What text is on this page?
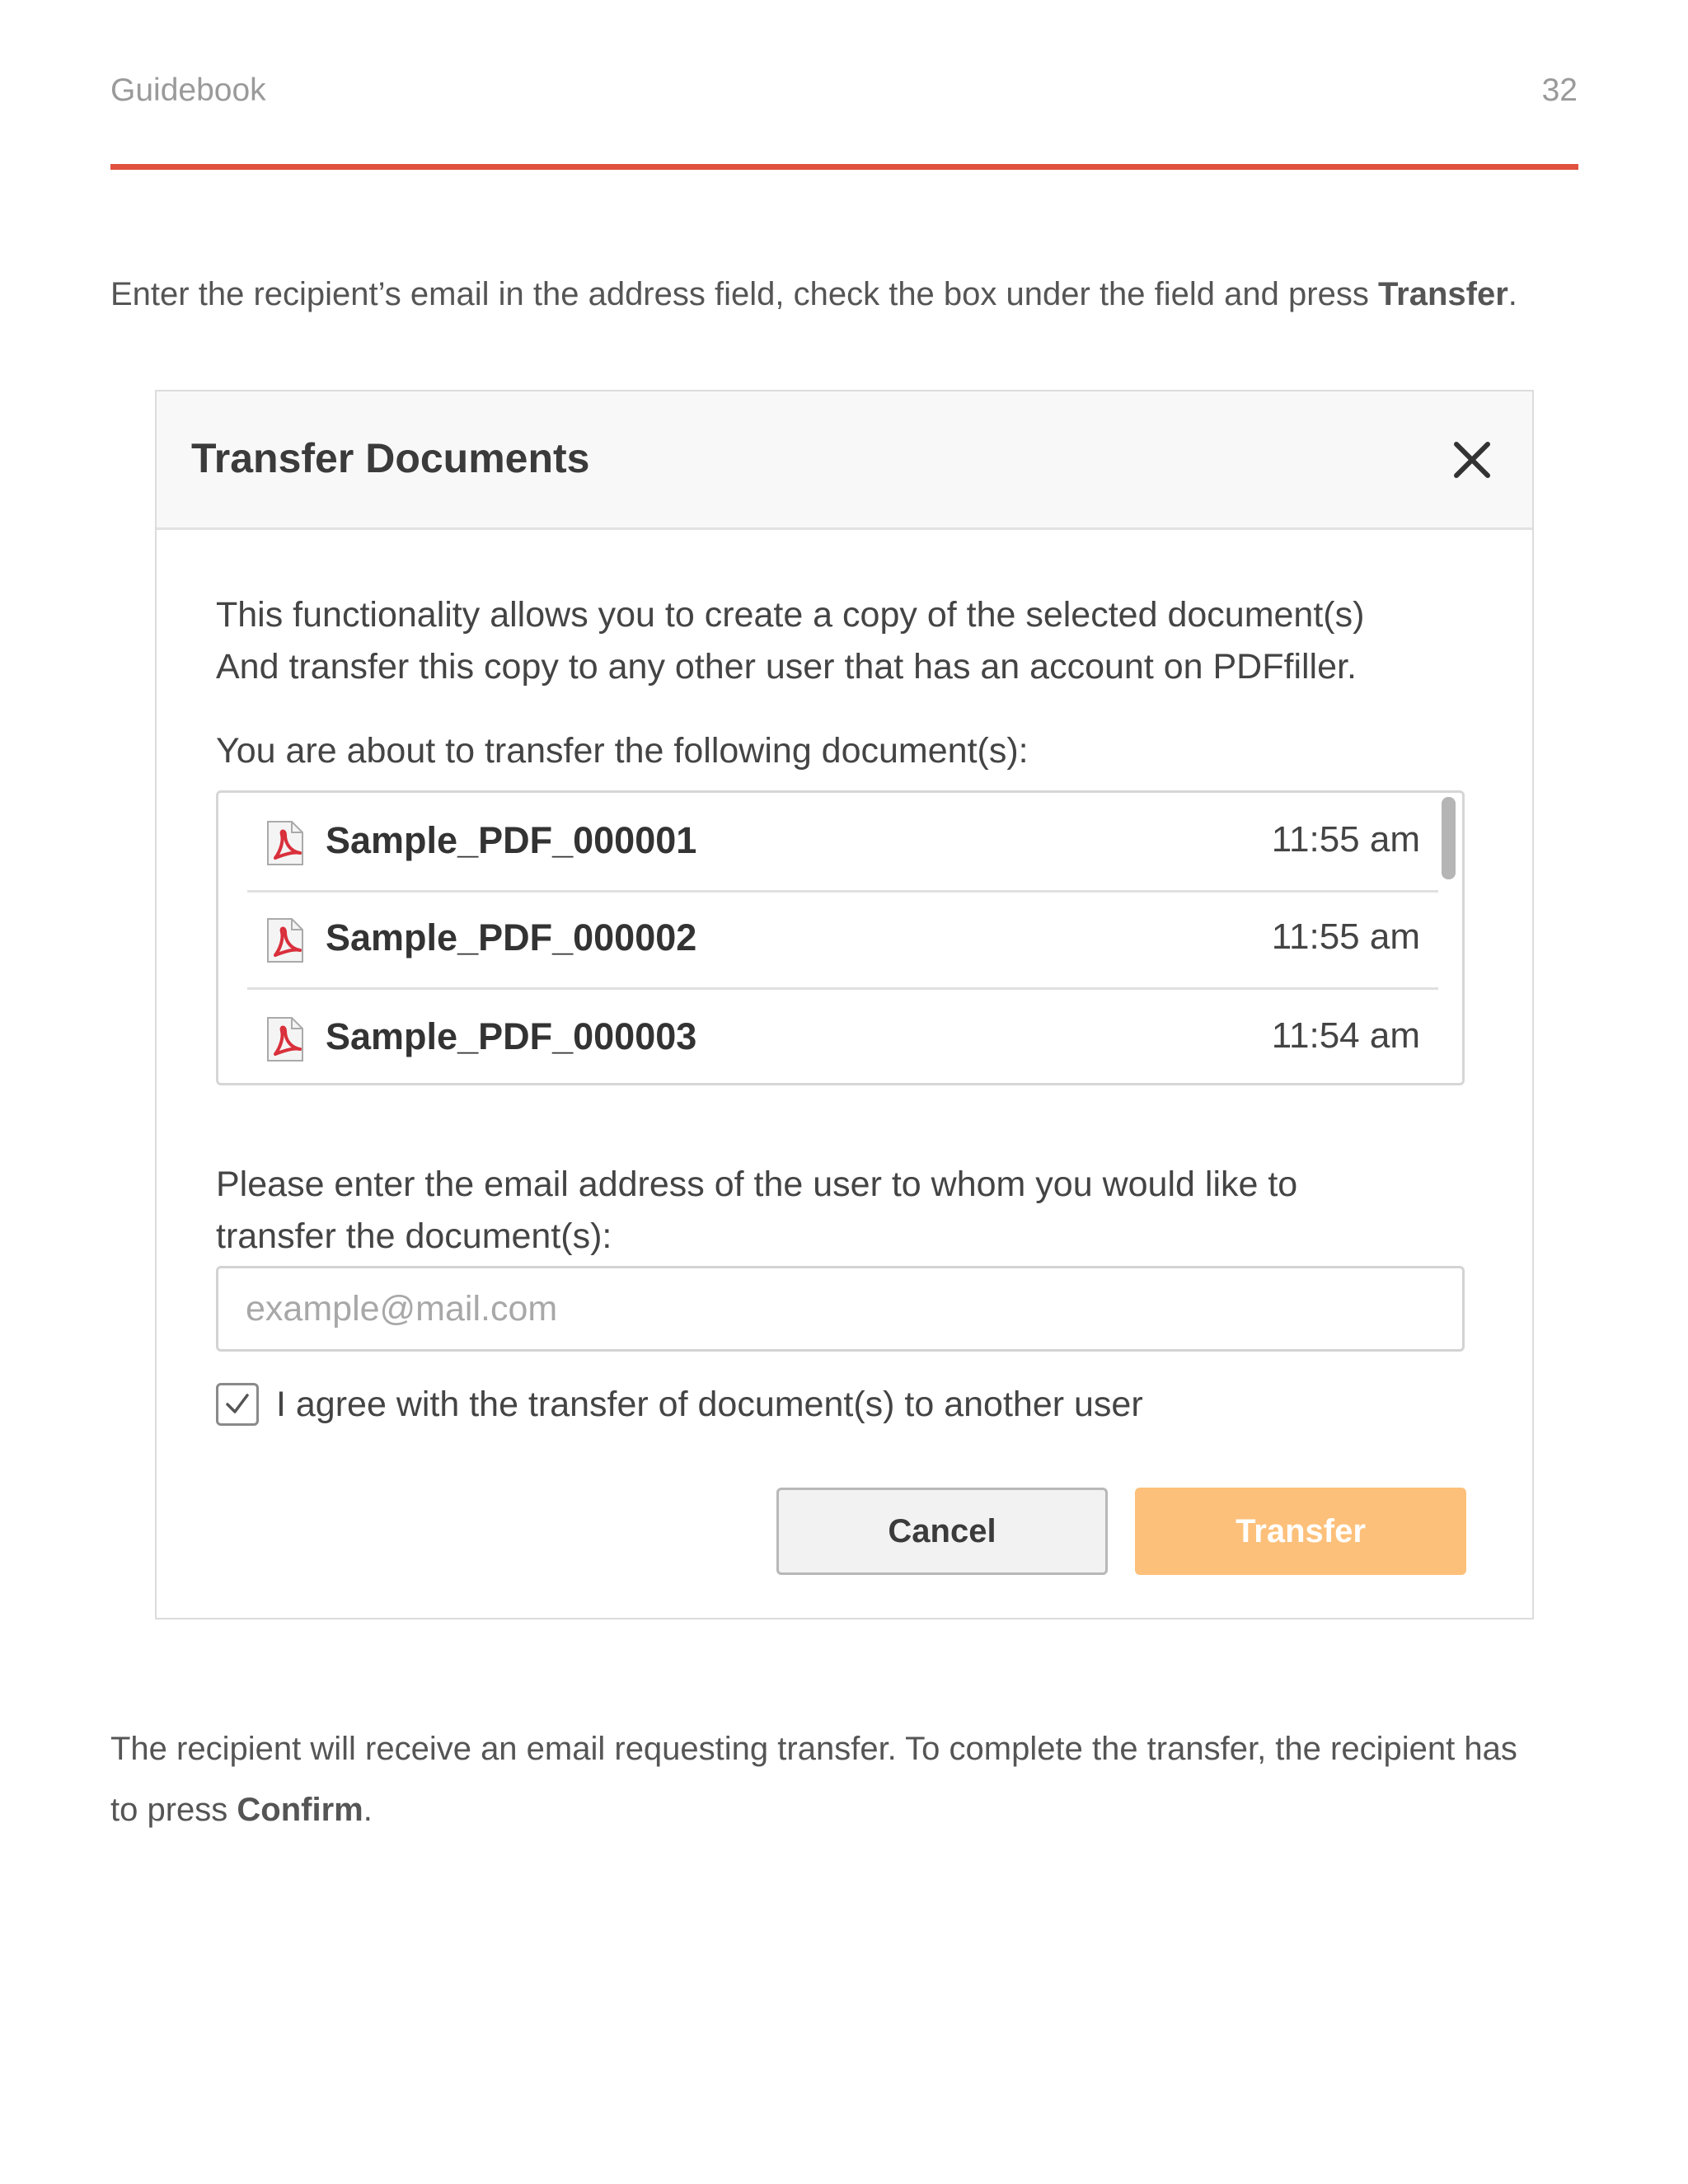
Guidebook	32

Enter the recipient’s email in the address field, check the box under the field and press Transfer.

Transfer Documents

This functionality allows you to create a copy of the selected document(s)
And transfer this copy to any other user that has an account on PDFfiller.

You are about to transfer the following document(s):

Sample_PDF_000001	11:55 am
Sample_PDF_000002	11:55 am
Sample_PDF_000003	11:54 am

Please enter the email address of the user to whom you would like to
transfer the document(s):

example@mail.com
I agree with the transfer of document(s) to another user
Cancel	Transfer

The recipient will receive an email requesting transfer. To complete the transfer, the recipient has
to press Confirm.
